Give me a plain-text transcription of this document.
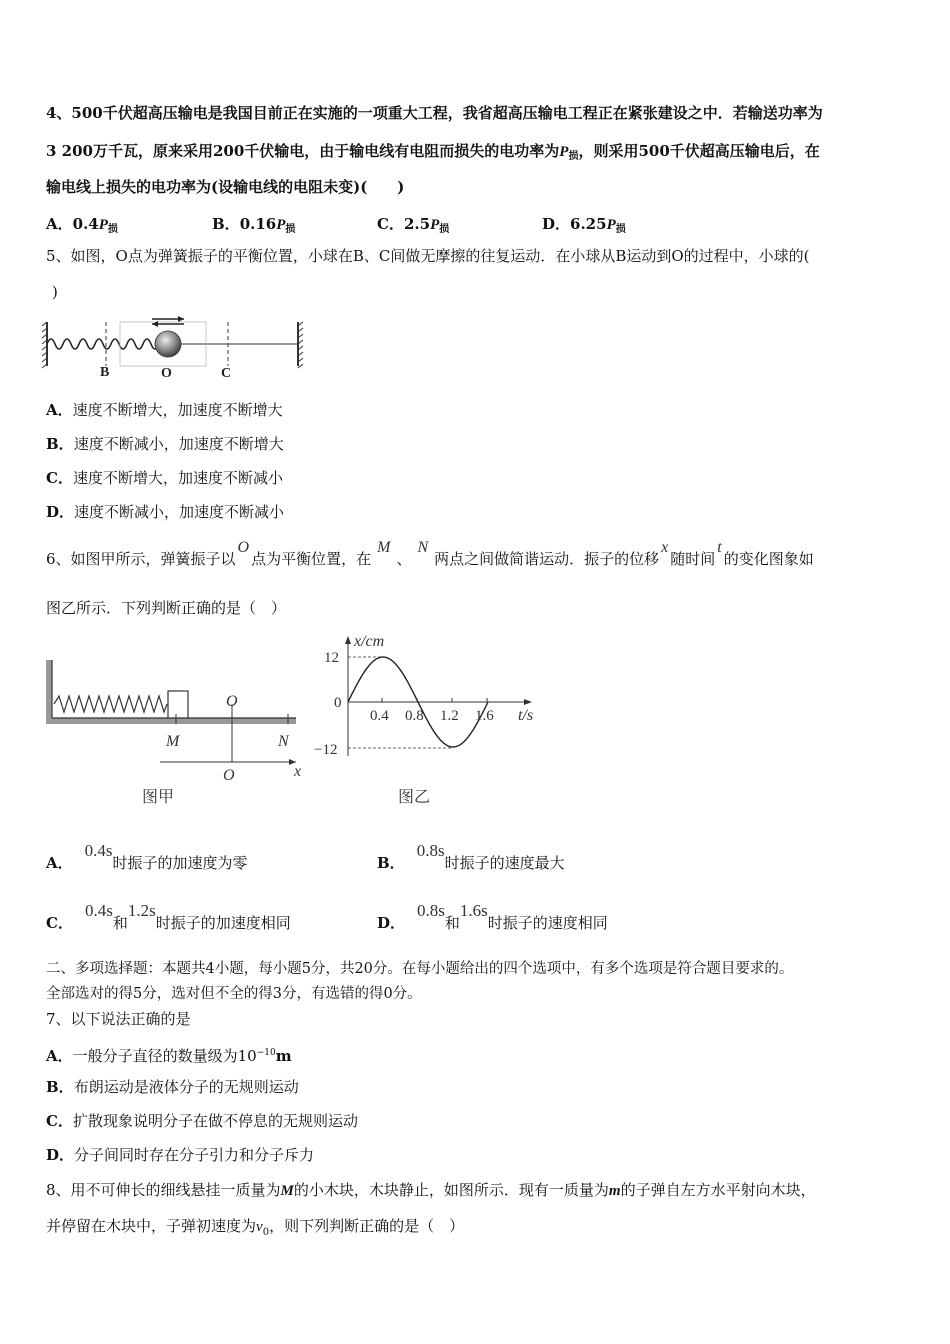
4、500千伏超高压输电是我国目前正在实施的一项重大工程，我省超高压输电工程正在紧张建设之中．若输送功率为
3 200万千瓦，原来采用200千伏输电，由于输电线有电阻而损失的电功率为$P_损$，则采用500千伏超高压输电后，在
输电线上损失的电功率为(设输电线的电阻未变)(　　)
A．$0.4P_损$	B．$0.16P_损$	C．$2.5P_损$	D．$6.25P_损$
5、如图，O点为弹簧振子的平衡位置，小球在B、C间做无摩擦的往复运动．在小球从B运动到O的过程中，小球的(
)
B	O	C
A．速度不断增大，加速度不断增大
B．速度不断减小，加速度不断增大
C．速度不断增大，加速度不断减小
D．速度不断减小，加速度不断减小
6、如图甲所示，弹簧振子以O点为平衡位置，在M、N两点之间做简谐运动．振子的位移x随时间t的变化图象如
图乙所示．下列判断正确的是（　）
O
M	N
O	x
图甲
x/cm
12
0
−12
0.4 0.8 1.2 1.6 t/s
图乙
A．0.4s时振子的加速度为零	B．0.8s时振子的速度最大
C．0.4s和1.2s时振子的加速度相同	D．0.8s和1.6s时振子的速度相同
二、多项选择题：本题共4小题，每小题5分，共20分。在每小题给出的四个选项中，有多个选项是符合题目要求的。
全部选对的得5分，选对但不全的得3分，有选错的得0分。
7、以下说法正确的是
A．一般分子直径的数量级为$10^{-10}m$
B．布朗运动是液体分子的无规则运动
C．扩散现象说明分子在做不停息的无规则运动
D．分子间同时存在分子引力和分子斥力
8、用不可伸长的细线悬挂一质量为M的小木块，木块静止，如图所示．现有一质量为m的子弹自左方水平射向木块，
并停留在木块中，子弹初速度为$v_0$，则下列判断正确的是（　）
